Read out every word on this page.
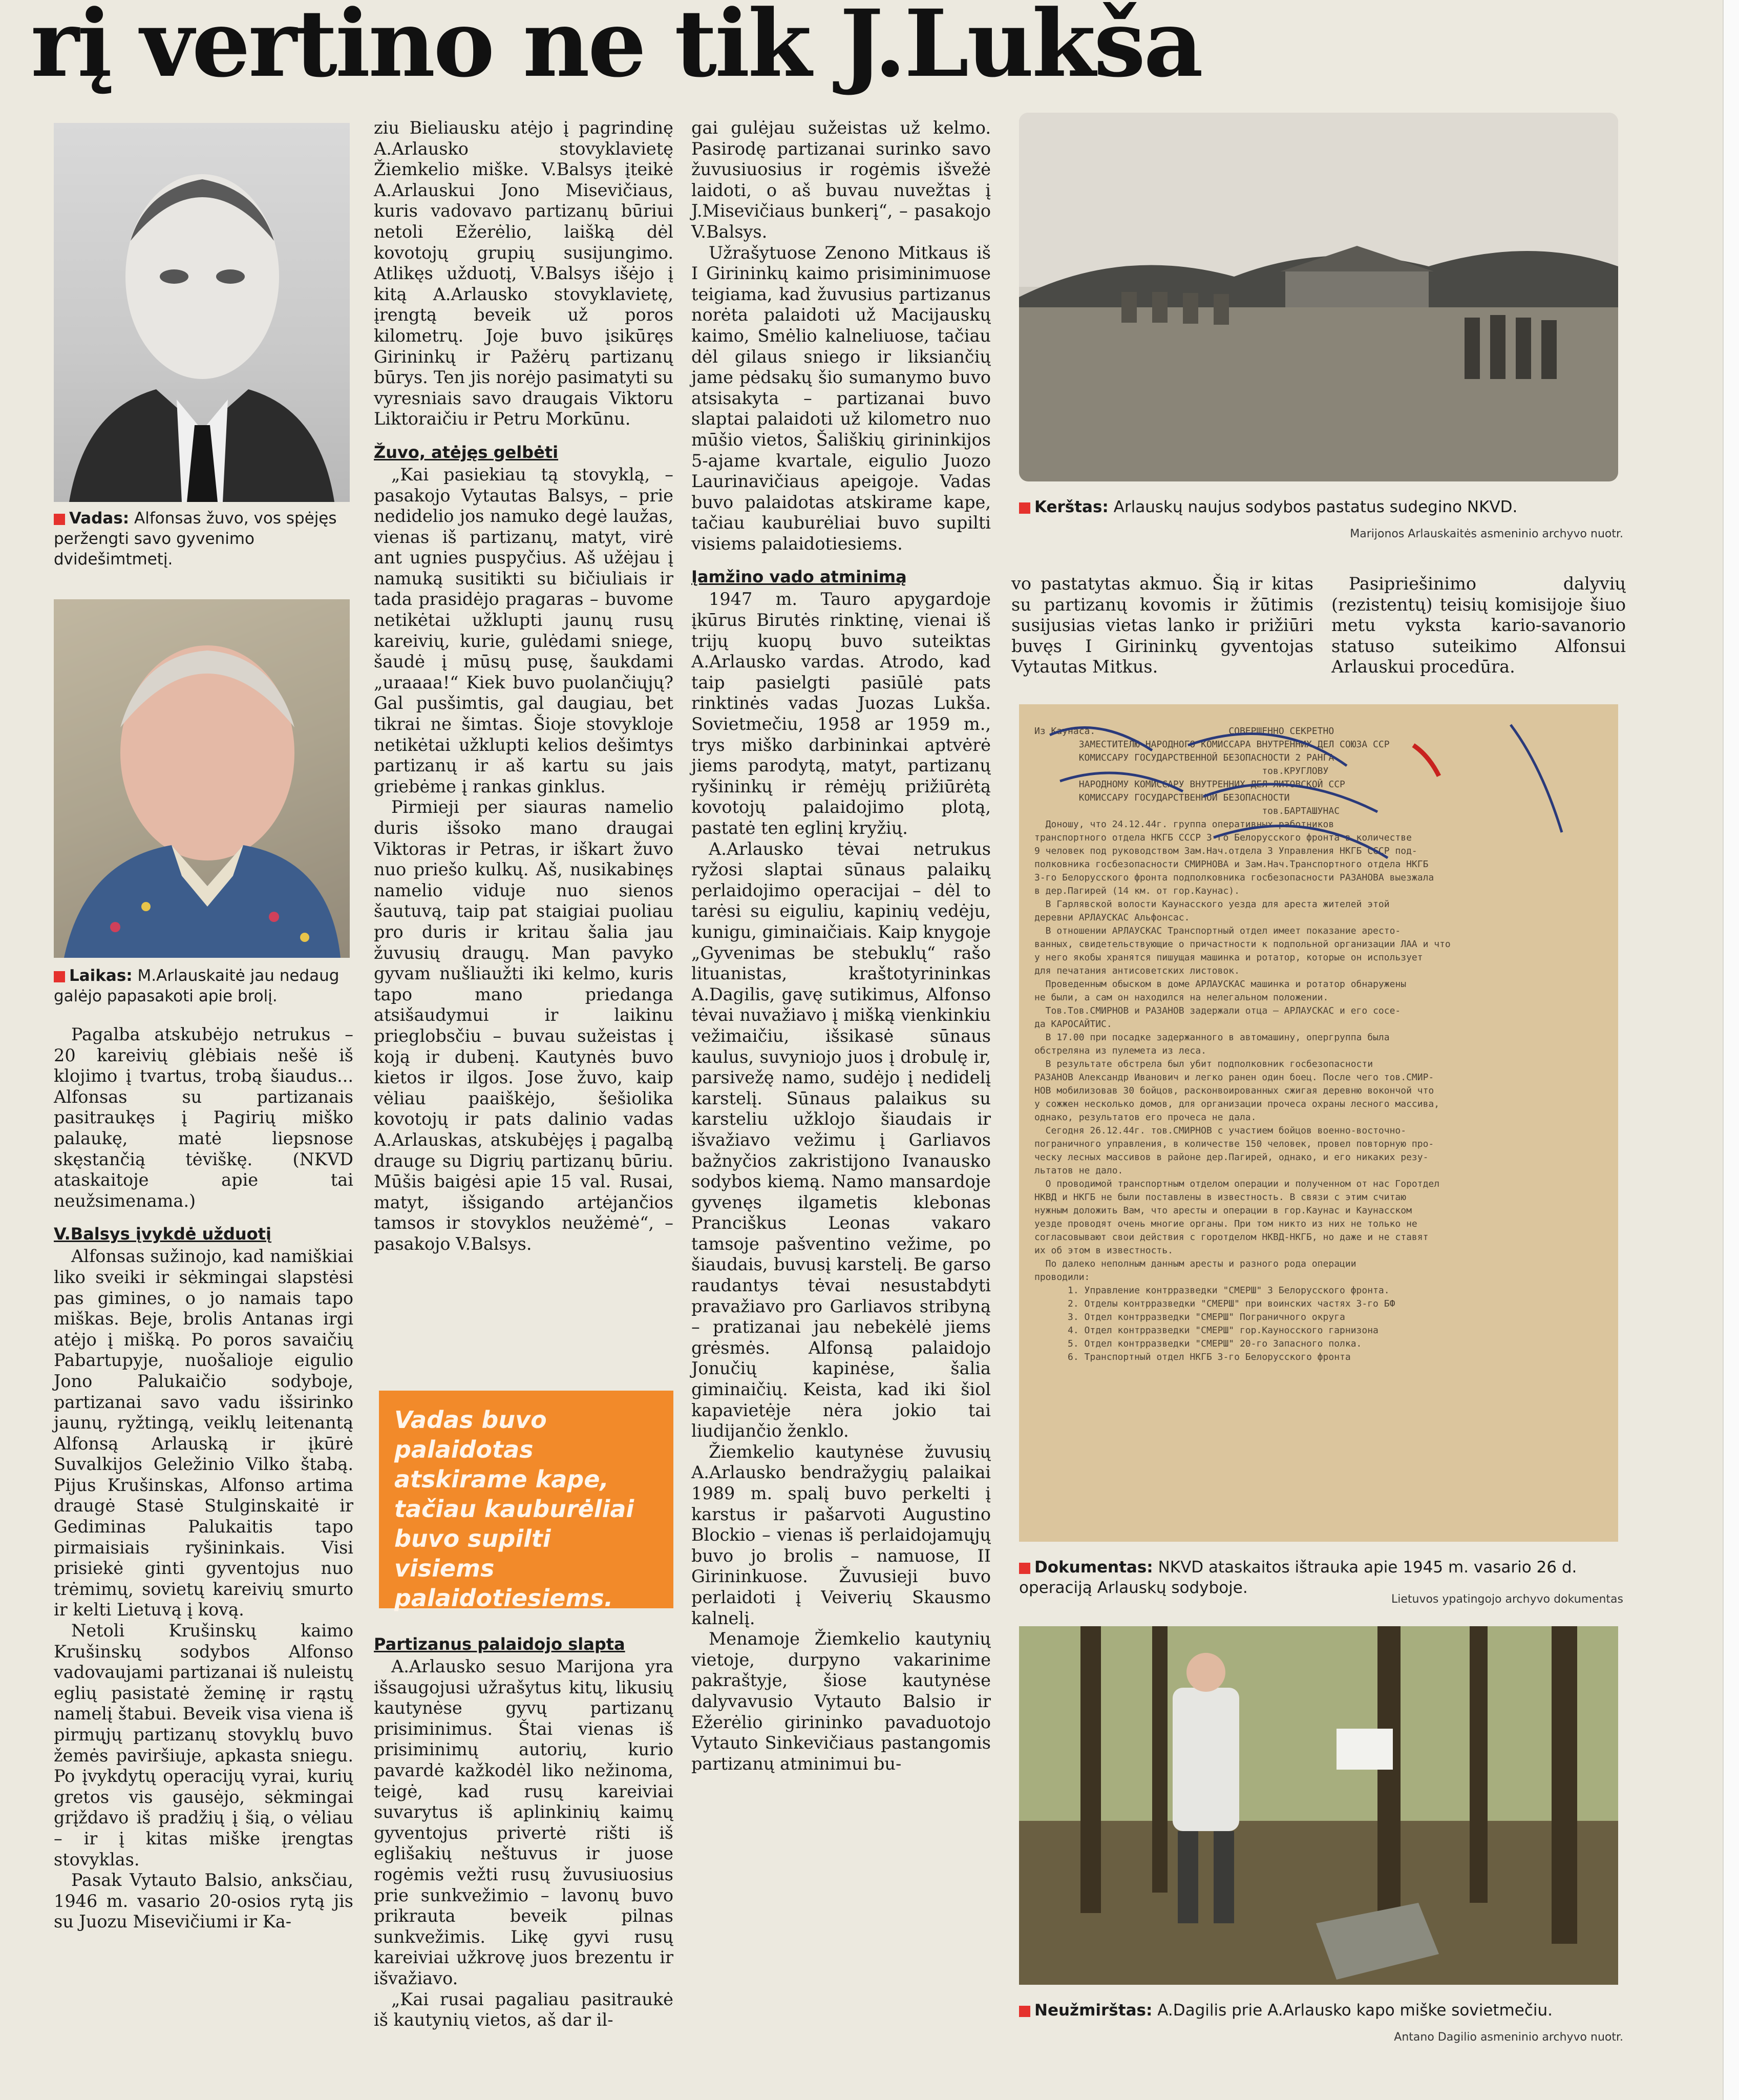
rį vertino ne tik J.Lukša
Vadas: Alfonsas žuvo, vos spėjęs peržengti savo gyvenimo dvidešimtmetį.
Laikas: M.Arlauskaitė jau nedaug galėjo papasakoti apie brolį.

Pagalba atskubėjo netrukus – 20 kareivių glėbiais nešė iš klojimo į tvartus, trobą šiaudus... Alfonsas su partizanais pasitraukęs į Pagirių miško palaukę, matė liepsnose skęstančią tėviškę. (NKVD ataskaitoje apie tai neužsimenama.)

V.Balsys įvykdė užduotį

Alfonsas sužinojo, kad namiškiai liko sveiki ir sėkmingai slapstėsi pas gimines, o jo namais tapo miškas. Beje, brolis Antanas irgi atėjo į mišką. Po poros savaičių Pabartupyje, nuošalioje eigulio Jono Palukaičio sodyboje, partizanai savo vadu išsirinko jaunų, ryžtingą, veiklų leitenantą Alfonsą Arlauską ir įkūrė Suvalkijos Geležinio Vilko štabą. Pijus Krušinskas, Alfonso artima draugė Stasė Stulginskaitė ir Gediminas Palukaitis tapo pirmaisiais ryšininkais. Visi prisiekė ginti gyventojus nuo trėmimų, sovietų kareivių smurto ir kelti Lietuvą į kovą.

Netoli Krušinskų kaimo Krušinskų sodybos Alfonso vadovaujami partizanai iš nuleistų eglių pasistatė žeminę ir rąstų namelį štabui. Beveik visa viena iš pirmųjų partizanų stovyklų buvo žemės paviršiuje, apkasta sniegu. Po įvykdytų operacijų vyrai, kurių gretos vis gausėjo, sėkmingai grįždavo iš pradžių į šią, o vėliau – ir į kitas miške įrengtas stovyklas.

Pasak Vytauto Balsio, anksčiau, 1946 m. vasario 20-osios rytą jis su Juozu Misevičiumi ir Ka-

ziu Bieliausku atėjo į pagrindinę A.Arlausko stovyklavietę Žiemkelio miške. V.Balsys įteikė A.Arlauskui Jono Misevičiaus, kuris vadovavo partizanų būriui netoli Ežerėlio, laišką dėl kovotojų grupių susijungimo. Atlikęs užduotį, V.Balsys išėjo į kitą A.Arlausko stovyklavietę, įrengtą beveik už poros kilometrų. Joje buvo įsikūręs Girininkų ir Pažėrų partizanų būrys. Ten jis norėjo pasimatyti su vyresniais savo draugais Viktoru Liktoraičiu ir Petru Morkūnu.

Žuvo, atėjęs gelbėti

„Kai pasiekiau tą stovyklą, – pasakojo Vytautas Balsys, – prie nedidelio jos namuko degė laužas, vienas iš partizanų, matyt, virė ant ugnies puspyčius. Aš užėjau į namuką susitikti su bičiuliais ir tada prasidėjo pragaras – buvome netikėtai užklupti jaunų rusų kareivių, kurie, gulėdami sniege, šaudė į mūsų pusę, šaukdami „uraaaa!“ Kiek buvo puolančiųjų? Gal pusšimtis, gal daugiau, bet tikrai ne šimtas. Šioje stovykloje netikėtai užklupti kelios dešimtys partizanų ir aš kartu su jais griebėme į rankas ginklus.

Pirmieji per siauras namelio duris išsoko mano draugai Viktoras ir Petras, ir iškart žuvo nuo priešo kulkų. Aš, nusikabinęs namelio viduje nuo sienos šautuvą, taip pat staigiai puoliau pro duris ir kritau šalia jau žuvusių draugų. Man pavyko gyvam nušliaužti iki kelmo, kuris tapo mano priedanga atsišaudymui ir laikinu prieglobsčiu – buvau sužeistas į koją ir dubenį. Kautynės buvo kietos ir ilgos. Jose žuvo, kaip vėliau paaiškėjo, šešiolika kovotojų ir pats dalinio vadas A.Arlauskas, atskubėjęs į pagalbą drauge su Digrių partizanų būriu. Mūšis baigėsi apie 15 val. Rusai, matyt, išsigando artėjančios tamsos ir stovyklos neužėmė“, – pasakojo V.Balsys.

Vadas buvo palaidotas atskirame kape, tačiau kauburėliai buvo supilti visiems palaidotiesiems.
Partizanus palaidojo slapta

A.Arlausko sesuo Marijona yra išsaugojusi užrašytus kitų, likusių kautynėse gyvų partizanų prisiminimus. Štai vienas iš prisiminimų autorių, kurio pavardė kažkodėl liko nežinoma, teigė, kad rusų kareiviai suvarytus iš aplinkinių kaimų gyventojus privertė rišti iš eglišakių neštuvus ir juose rogėmis vežti rusų žuvusiuosius prie sunkvežimio – lavonų buvo prikrauta beveik pilnas sunkvežimis. Likę gyvi rusų kareiviai užkrovę juos brezentu ir išvažiavo.

„Kai rusai pagaliau pasitraukė iš kautynių vietos, aš dar il-

gai gulėjau sužeistas už kelmo. Pasirodę partizanai surinko savo žuvusiuosius ir rogėmis išvežė laidoti, o aš buvau nuvežtas į J.Misevičiaus bunkerį“, – pasakojo V.Balsys.

Užrašytuose Zenono Mitkaus iš I Girininkų kaimo prisiminimuose teigiama, kad žuvusius partizanus norėta palaidoti už Macijauskų kaimo, Smėlio kalneliuose, tačiau dėl gilaus sniego ir liksiančių jame pėdsakų šio sumanymo buvo atsisakyta – partizanai buvo slaptai palaidoti už kilometro nuo mūšio vietos, Šališkių girininkijos 5-ajame kvartale, eigulio Juozo Laurinavičiaus apeigoje. Vadas buvo palaidotas atskirame kape, tačiau kauburėliai buvo supilti visiems palaidotiesiems.

Įamžino vado atminimą

1947 m. Tauro apygardoje įkūrus Birutės rinktinę, vienai iš trijų kuopų buvo suteiktas A.Arlausko vardas. Atrodo, kad taip pasielgti pasiūlė pats rinktinės vadas Juozas Lukša. Sovietmečiu, 1958 ar 1959 m., trys miško darbininkai aptvėrė jiems parodytą, matyt, partizanų ryšininkų ir rėmėjų prižiūrėtą kovotojų palaidojimo plotą, pastatė ten eglinį kryžių.

A.Arlausko tėvai netrukus ryžosi slaptai sūnaus palaikų perlaidojimo operacijai – dėl to tarėsi su eiguliu, kapinių vedėju, kunigu, giminaičiais. Kaip knygoje „Gyvenimas be stebuklų“ rašo lituanistas, kraštotyrininkas A.Dagilis, gavę sutikimus, Alfonso tėvai nuvažiavo į mišką vienkinkiu vežimaičiu, išsikasė sūnaus kaulus, suvyniojo juos į drobulę ir, parsivežę namo, sudėjo į nedidelį karstelį. Sūnaus palaikus su karsteliu užklojo šiaudais ir išvažiavo vežimu į Garliavos bažnyčios zakristijono Ivanausko sodybos kiemą. Namo mansardoje gyvenęs ilgametis klebonas Pranciškus Leonas vakaro tamsoje pašventino vežime, po šiaudais, buvusį karstelį. Be garso raudantys tėvai nesustabdyti pravažiavo pro Garliavos stribyną – pratizanai jau nebekėlė jiems grėsmės. Alfonsą palaidojo Jonučių kapinėse, šalia giminaičių. Keista, kad iki šiol kapavietėje nėra jokio tai liudijančio ženklo.

Žiemkelio kautynėse žuvusių A.Arlausko bendražygių palaikai 1989 m. spalį buvo perkelti į karstus ir pašarvoti Augustino Blockio – vienas iš perlaidojamųjų buvo jo brolis – namuose, II Girininkuose. Žuvusieji buvo perlaidoti į Veiverių Skausmo kalnelį.

Menamoje Žiemkelio kautynių vietoje, durpyno vakarinime pakraštyje, šiose kautynėse dalyvavusio Vytauto Balsio ir Ežerėlio girininko pavaduotojo Vytauto Sinkevičiaus pastangomis partizanų atminimui bu-

Kerštas: Arlauskų naujus sodybos pastatus sudegino NKVD.
Marijonos Arlauskaitės asmeninio archyvo nuotr.

vo pastatytas akmuo. Šią ir kitas su partizanų kovomis ir žūtimis susijusias vietas lanko ir prižiūri buvęs I Girininkų gyventojas Vytautas Mitkus.

Pasipriešinimo dalyvių (rezistentų) teisių komisijoje šiuo metu vyksta kario-savanorio statuso suteikimo Alfonsui Arlauskui procedūra.

Из Каунаса.                        СОВЕРШЕННО СЕКРЕТНО
ЗАМЕСТИТЕЛЮ НАРОДНОГО КОМИССАРА ВНУТРЕННИХ ДЕЛ СОЮЗА ССР
КОМИССАРУ ГОСУДАРСТВЕННОЙ БЕЗОПАСНОСТИ 2 РАНГА
тов.КРУГЛОВУ
НАРОДНОМУ КОМИССАРУ ВНУТРЕННИХ ДЕЛ ЛИТОВСКОЙ ССР
КОМИССАРУ ГОСУДАРСТВЕННОЙ БЕЗОПАСНОСТИ
тов.БАРТАШУНАС
Доношу, что 24.12.44г. группа оперативных работников
транспортного отдела НКГБ СССР 3-го Белорусского фронта в количестве
9 человек под руководством Зам.Нач.отдела 3 Управления НКГБ СССР под-
полковника госбезопасности СМИРНОВА и Зам.Нач.Транспортного отдела НКГБ
3-го Белорусского фронта подполковника госбезопасности РАЗАНОВА выезжала
в дер.Пагирей (14 км. от гор.Каунас).
В Гарлявской волости Каунасского уезда для ареста жителей этой
деревни АРЛАУСКАС Альфонсас.
В отношении АРЛАУСКАС Транспортный отдел имеет показание аресто-
ванных, свидетельствующие о причастности к подпольной организации ЛАА и что
у него якобы хранятся пишущая машинка и ротатор, которые он использует
для печатания антисоветских листовок.
Проведенным обыском в доме АРЛАУСКАС машинка и ротатор обнаружены
не были, а сам он находился на нелегальном положении.
Тов.Тов.СМИРНОВ и РАЗАНОВ задержали отца – АРЛАУСКАС и его сосе-
да КАРОСАЙТИС.
В 17.00 при посадке задержанного в автомашину, опергруппа была
обстреляна из пулемета из леса.
В результате обстрела был убит подполковник госбезопасности
РАЗАНОВ Александр Иванович и легко ранен один боец. После чего тов.СМИР-
НОВ мобилизовав 30 бойцов, расконвоированных сжигая деревню вокончой что
у сожжен несколько домов, для организации прочеса охраны лесного массива,
однако, результатов его прочеса не дала.
Сегодня 26.12.44г. тов.СМИРНОВ с участием бойцов военно-восточно-
пограничного управления, в количестве 150 человек, провел повторную про-
ческу лесных массивов в районе дер.Пагирей, однако, и его никаких резу-
льтатов не дало.
О проводимой транспортным отделом операции и полученном от нас Горотдел
НКВД и НКГБ не были поставлены в известность. В связи с этим считаю
нужным доложить Вам, что аресты и операции в гор.Каунас и Каунасском
уезде проводят очень многие органы. При том никто из них не только не
согласовывают свои действия с горотделом НКВД-НКГБ, но даже и не ставят
их об этом в известность.
По далеко неполным данным аресты и разного рода операции
проводили:
1. Управление контрразведки "СМЕРШ" 3 Белорусского фронта.
2. Отделы контрразведки "СМЕРШ" при воинских частях 3-го БФ
3. Отдел контрразведки "СМЕРШ" Пограничного округа
4. Отдел контрразведки "СМЕРШ" гор.Кауносского гарнизона
5. Отдел контрразведки "СМЕРШ" 20-го Запасного полка.
6. Транспортный отдел НКГБ 3-го Белорусского фронта
Dokumentas: NKVD ataskaitos ištrauka apie 1945 m. vasario 26 d. operaciją Arlauskų sodyboje.
Lietuvos ypatingojo archyvo dokumentas
Neužmirštas: A.Dagilis prie A.Arlausko kapo miške sovietmečiu.
Antano Dagilio asmeninio archyvo nuotr.
